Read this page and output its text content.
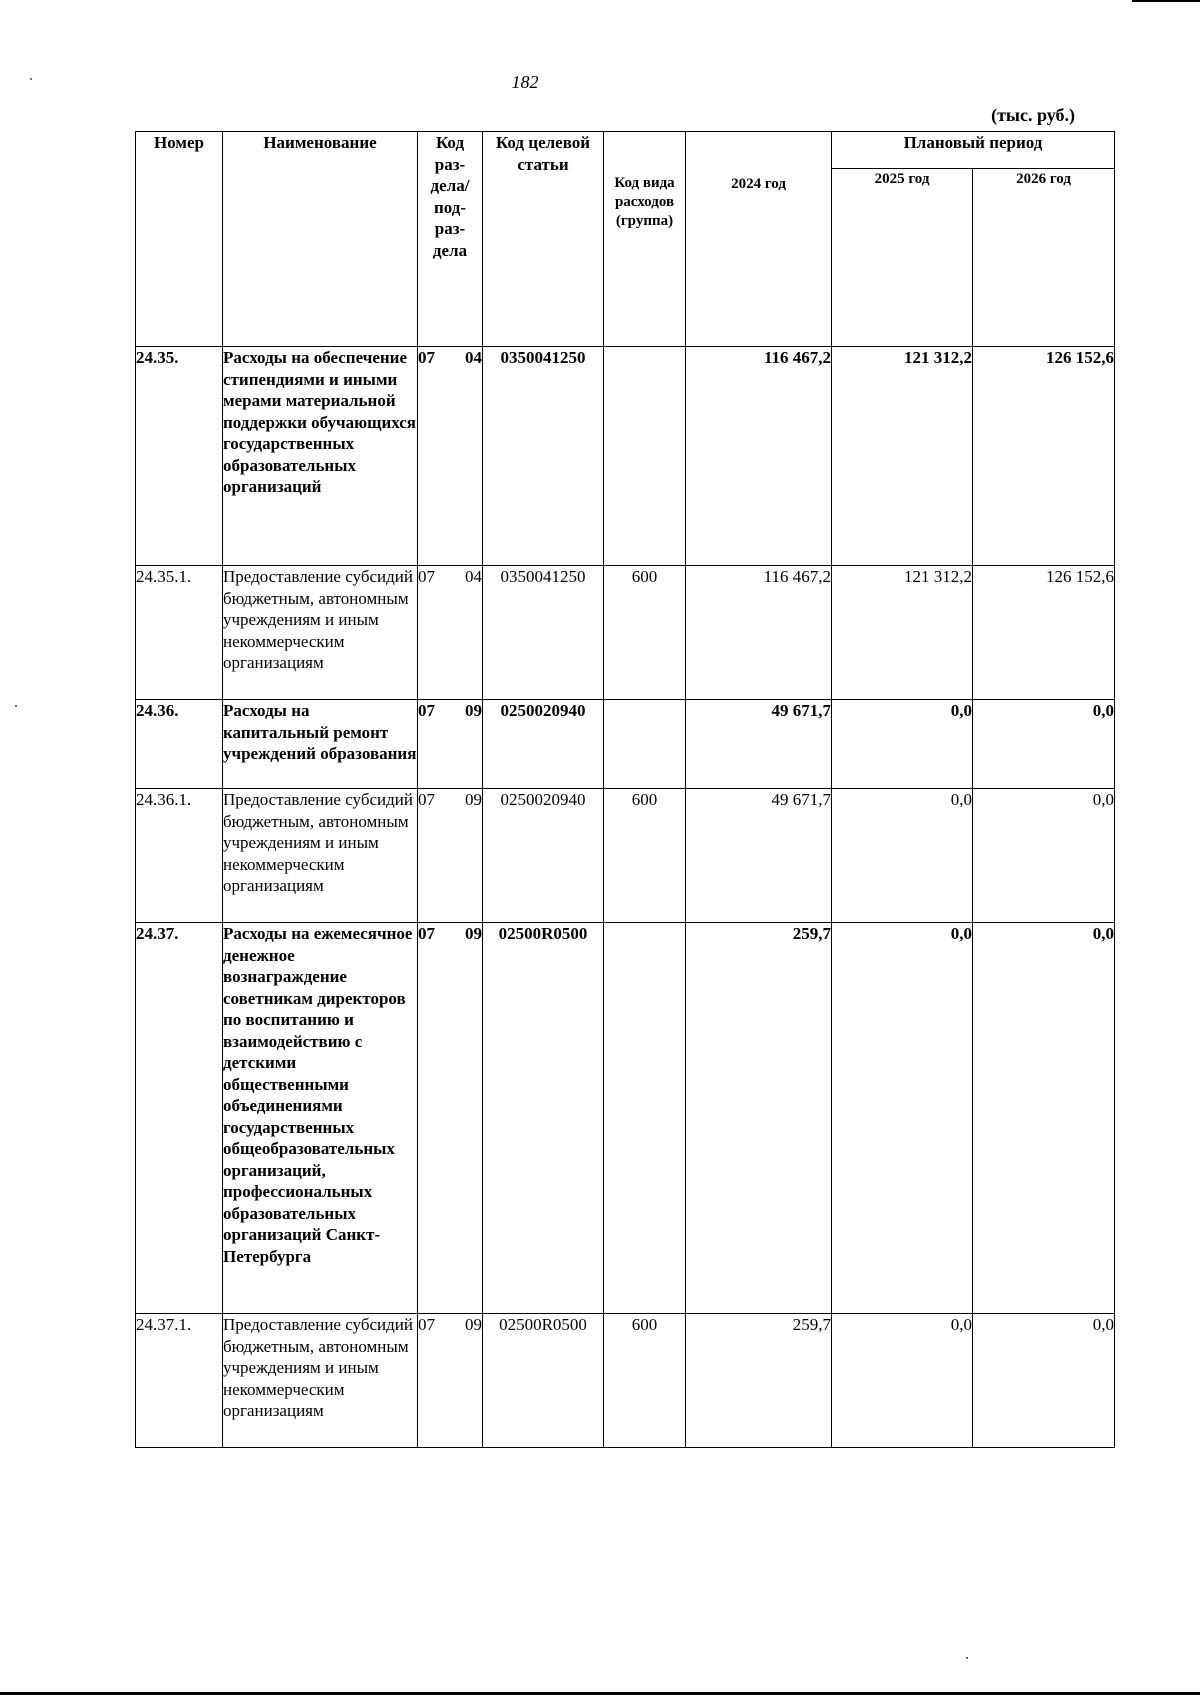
182
(тыс. руб.)
Номер	Наименование	Код раз- дела/ под- раз- дела	Код целевой статьи	Код вида расходов (группа)	2024 год	Плановый период	
						2025 год	2026 год
24.35.	Расходы на обеспечение стипендиями и иными мерами материальной поддержки обучающихся государственных образовательных организаций	07 04	0350041250		116 467,2	121 312,2	126 152,6
24.35.1.	Предоставление субсидий бюджетным, автономным учреждениям и иным некоммерческим организациям	07 04	0350041250	600	116 467,2	121 312,2	126 152,6
24.36.	Расходы на капитальный ремонт учреждений образования	07 09	0250020940		49 671,7	0,0	0,0
24.36.1.	Предоставление субсидий бюджетным, автономным учреждениям и иным некоммерческим организациям	07 09	0250020940	600	49 671,7	0,0	0,0
24.37.	Расходы на ежемесячное денежное вознаграждение советникам директоров по воспитанию и взаимодействию с детскими общественными объединениями государственных общеобразовательных организаций, профессиональных образовательных организаций Санкт-Петербурга	07 09	02500R0500		259,7	0,0	0,0
24.37.1.	Предоставление субсидий бюджетным, автономным учреждениям и иным некоммерческим организациям	07 09	02500R0500	600	259,7	0,0	0,0
